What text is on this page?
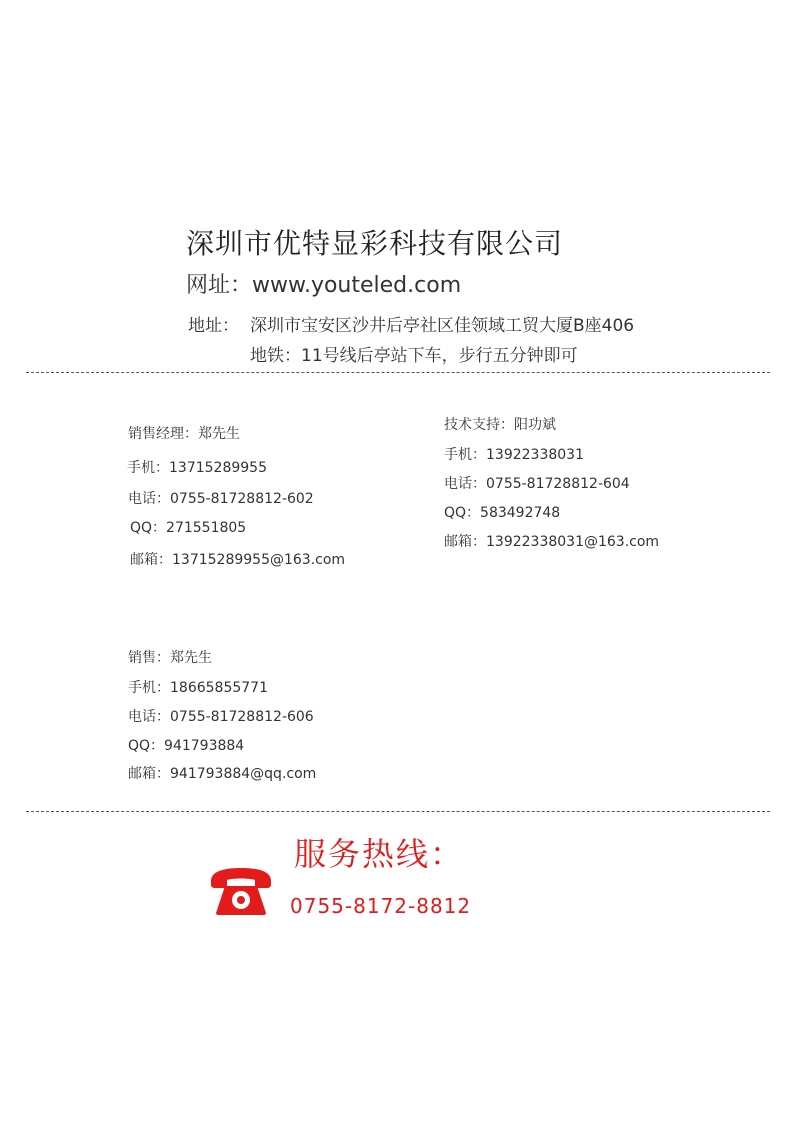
深圳市优特显彩科技有限公司
网址：www.youteled.com
地址： 深圳市宝安区沙井后亭社区佳领域工贸大厦B座406
地铁：11号线后亭站下车，步行五分钟即可
销售经理：郑先生
手机：13715289955
电话：0755-81728812-602
QQ：271551805
邮箱：13715289955@163.com
技术支持：阳功斌
手机：13922338031
电话：0755-81728812-604
QQ：583492748
邮箱：13922338031@163.com
销售：郑先生
手机：18665855771
电话：0755-81728812-606
QQ：941793884
邮箱：941793884@qq.com
服务热线：
0755-8172-8812
